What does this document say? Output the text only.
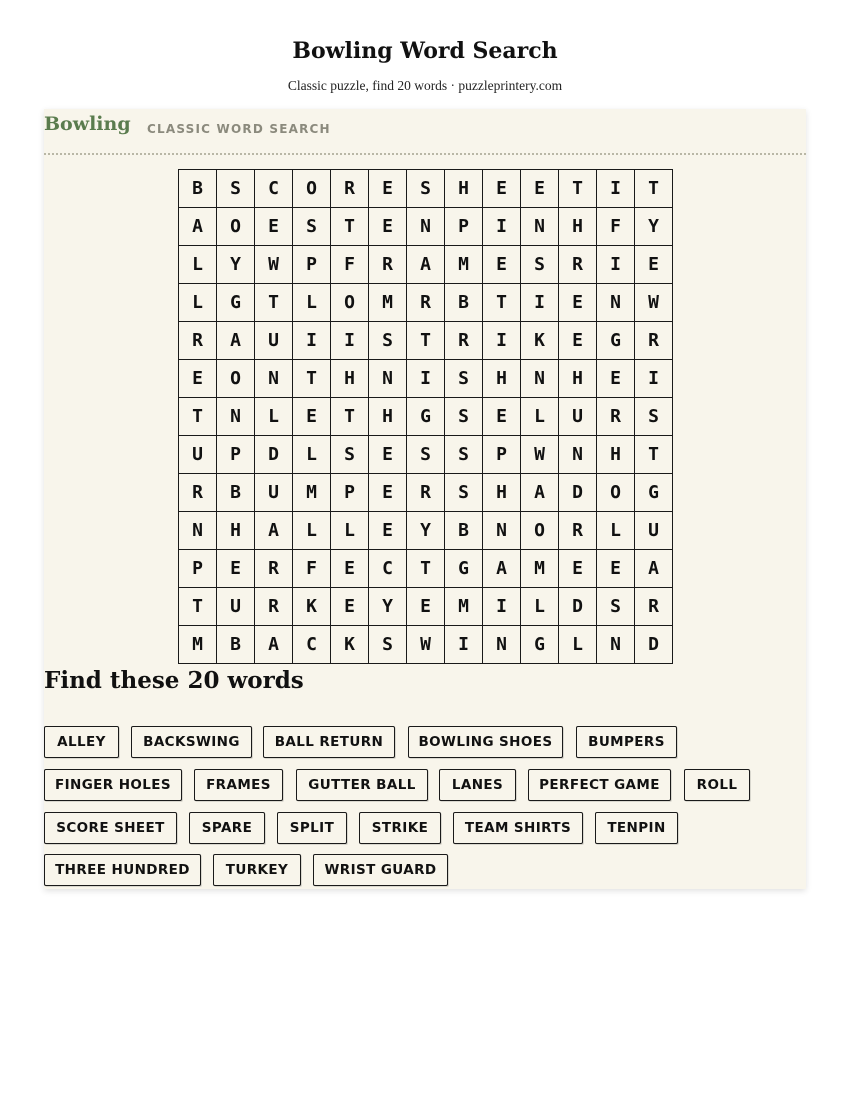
Bowling Word Search

Classic puzzle, find 20 words · puzzleprintery.com

Bowling CLASSIC WORD SEARCH
B	S	C	O	R	E	S	H	E	E	T	I	T
A	O	E	S	T	E	N	P	I	N	H	F	Y
L	Y	W	P	F	R	A	M	E	S	R	I	E
L	G	T	L	O	M	R	B	T	I	E	N	W
R	A	U	I	I	S	T	R	I	K	E	G	R
E	O	N	T	H	N	I	S	H	N	H	E	I
T	N	L	E	T	H	G	S	E	L	U	R	S
U	P	D	L	S	E	S	S	P	W	N	H	T
R	B	U	M	P	E	R	S	H	A	D	O	G
N	H	A	L	L	E	Y	B	N	O	R	L	U
P	E	R	F	E	C	T	G	A	M	E	E	A
T	U	R	K	E	Y	E	M	I	L	D	S	R
M	B	A	C	K	S	W	I	N	G	L	N	D
Find these 20 words
ALLEY	BACKSWING	BALL RETURN	BOWLING SHOES	BUMPERS
FINGER HOLES	FRAMES	GUTTER BALL	LANES	PERFECT GAME	ROLL
SCORE SHEET	SPARE	SPLIT	STRIKE	TEAM SHIRTS	TENPIN
THREE HUNDRED	TURKEY	WRIST GUARD
